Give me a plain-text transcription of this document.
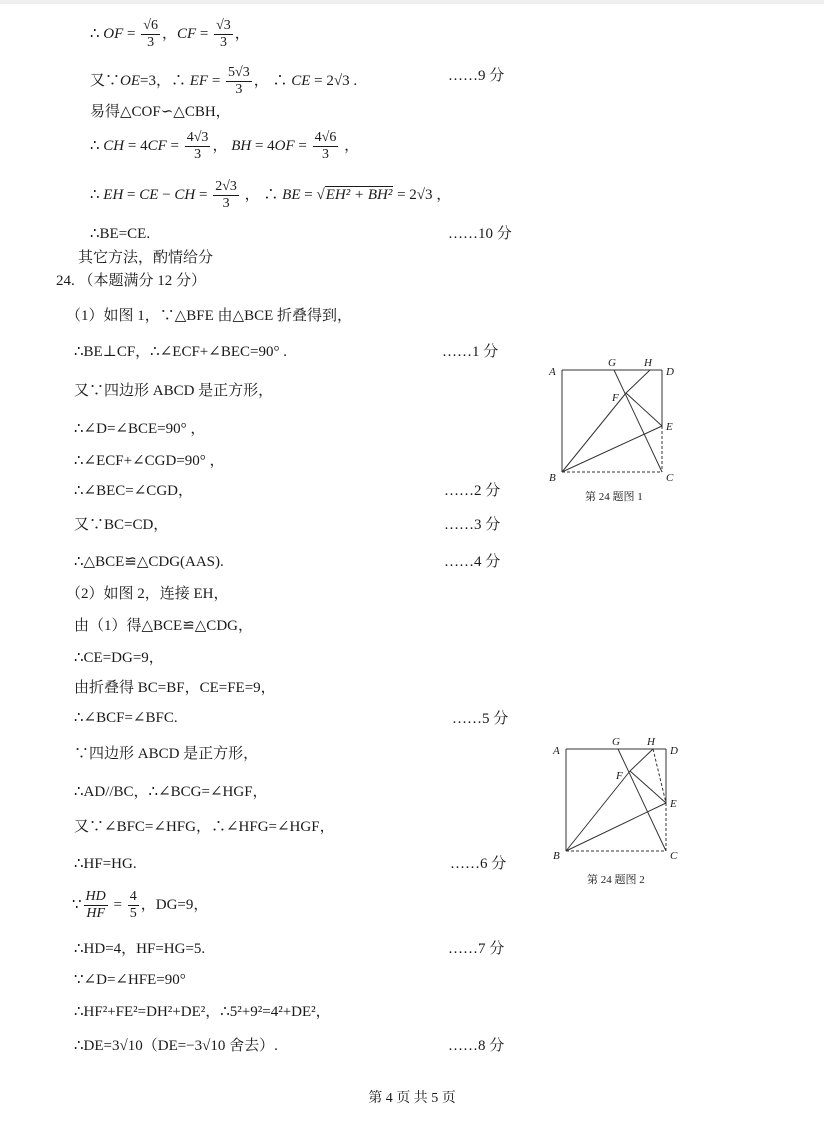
∴ OF = $\frac{√6}{3}$ ，CF = $\frac{√3}{3}$ ，
又∵OE=3，∴ EF = $\frac{5√3}{3}$ ， ∴ CE = 2√3 .	……9 分
易得△COF∽△CBH，
∴ CH = $4CF = \frac{4√3}{3}$ ， BH = $4OF = \frac{4√6}{3}$ ，
∴ EH = CE − CH = $\frac{2√3}{3}$ ， ∴ BE = √EH² + BH² = 2√3 ，
∴BE=CE.	……10 分
其它方法，酌情给分
24. （本题满分 12 分）
（1）如图 1，∵△BFE 由△BCE 折叠得到，
∴BE⊥CF，∴∠ECF+∠BEC=90° .	……1 分
又∵四边形 ABCD 是正方形，
∴∠D=∠BCE=90° ，
∴∠ECF+∠CGD=90° ，
∴∠BEC=∠CGD，	……2 分
又∵BC=CD，	……3 分
∴△BCE≌△CDG(AAS).	……4 分
（2）如图 2，连接 EH，
由（1）得△BCE≌△CDG，
∴CE=DG=9，
由折叠得 BC=BF，CE=FE=9，
∴∠BCF=∠BFC.	……5 分
∵四边形 ABCD 是正方形，
∴AD//BC，∴∠BCG=∠HGF，
又∵∠BFC=∠HFG，∴∠HFG=∠HGF，
∴HF=HG.	……6 分
∵ $\frac{HD}{HF} = \frac{4}{5}$ ，DG=9，
∴HD=4，HF=HG=5.	……7 分
∵∠D=∠HFE=90°
∴HF²+FE²=DH²+DE²，∴5²+9²=4²+DE²，
∴DE=3√10（DE=−3√10 舍去）.	……8 分
A
G	H
D
F
E
B	C
第 24 题图 1
A
G H
D
F
E
B	C
第 24 题图 2
第 4 页 共 5 页
